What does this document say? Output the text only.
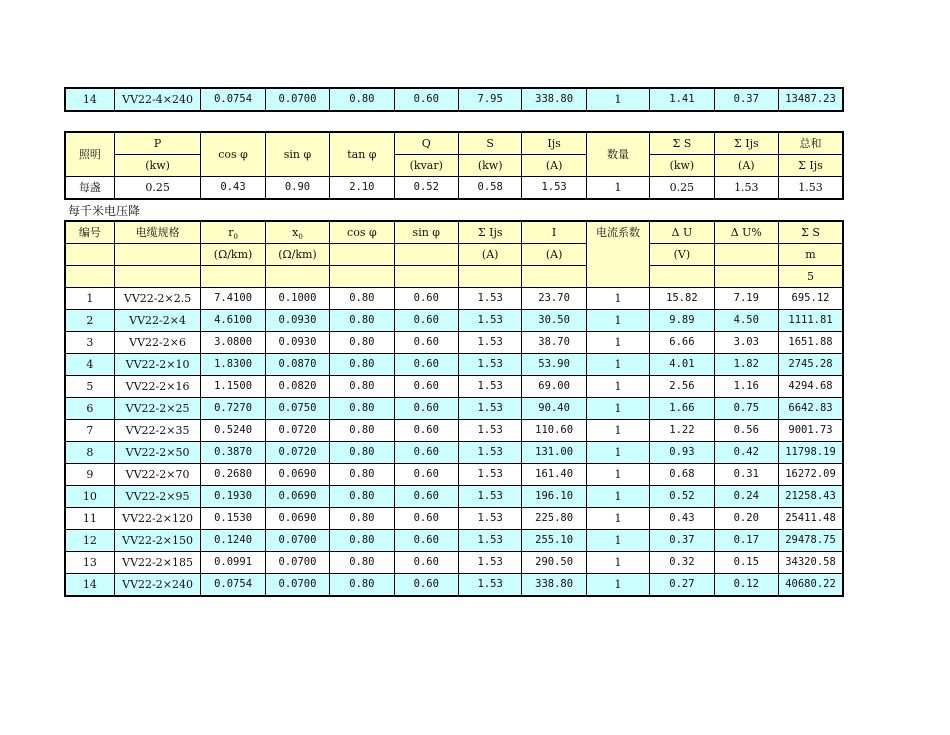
14	VV22-4×240	0.0754	0.0700	0.80	0.60	7.95	338.80	1	1.41	0.37	13487.23
照明	P	cos φ	sin φ	tan φ	Q	S	Ijs	数量	Σ S	Σ Ijs	总和
	(kw)				(kvar)	(kw)	(A)		(kw)	(A)	Σ Ijs
每盏	0.25	0.43	0.90	2.10	0.52	0.58	1.53	1	0.25	1.53	1.53
每千米电压降
编号	电缆规格	$r_0$	$x_0$	cos φ	sin φ	Σ Ijs	I	电流系数	Δ U	Δ U%	Σ S
		(Ω/km)	(Ω/km)			(A)	(A)		(V)		m
											5
1	VV22-2×2.5	7.4100	0.1000	0.80	0.60	1.53	23.70	1	15.82	7.19	695.12
2	VV22-2×4	4.6100	0.0930	0.80	0.60	1.53	30.50	1	9.89	4.50	1111.81
3	VV22-2×6	3.0800	0.0930	0.80	0.60	1.53	38.70	1	6.66	3.03	1651.88
4	VV22-2×10	1.8300	0.0870	0.80	0.60	1.53	53.90	1	4.01	1.82	2745.28
5	VV22-2×16	1.1500	0.0820	0.80	0.60	1.53	69.00	1	2.56	1.16	4294.68
6	VV22-2×25	0.7270	0.0750	0.80	0.60	1.53	90.40	1	1.66	0.75	6642.83
7	VV22-2×35	0.5240	0.0720	0.80	0.60	1.53	110.60	1	1.22	0.56	9001.73
8	VV22-2×50	0.3870	0.0720	0.80	0.60	1.53	131.00	1	0.93	0.42	11798.19
9	VV22-2×70	0.2680	0.0690	0.80	0.60	1.53	161.40	1	0.68	0.31	16272.09
10	VV22-2×95	0.1930	0.0690	0.80	0.60	1.53	196.10	1	0.52	0.24	21258.43
11	VV22-2×120	0.1530	0.0690	0.80	0.60	1.53	225.80	1	0.43	0.20	25411.48
12	VV22-2×150	0.1240	0.0700	0.80	0.60	1.53	255.10	1	0.37	0.17	29478.75
13	VV22-2×185	0.0991	0.0700	0.80	0.60	1.53	290.50	1	0.32	0.15	34320.58
14	VV22-2×240	0.0754	0.0700	0.80	0.60	1.53	338.80	1	0.27	0.12	40680.22
